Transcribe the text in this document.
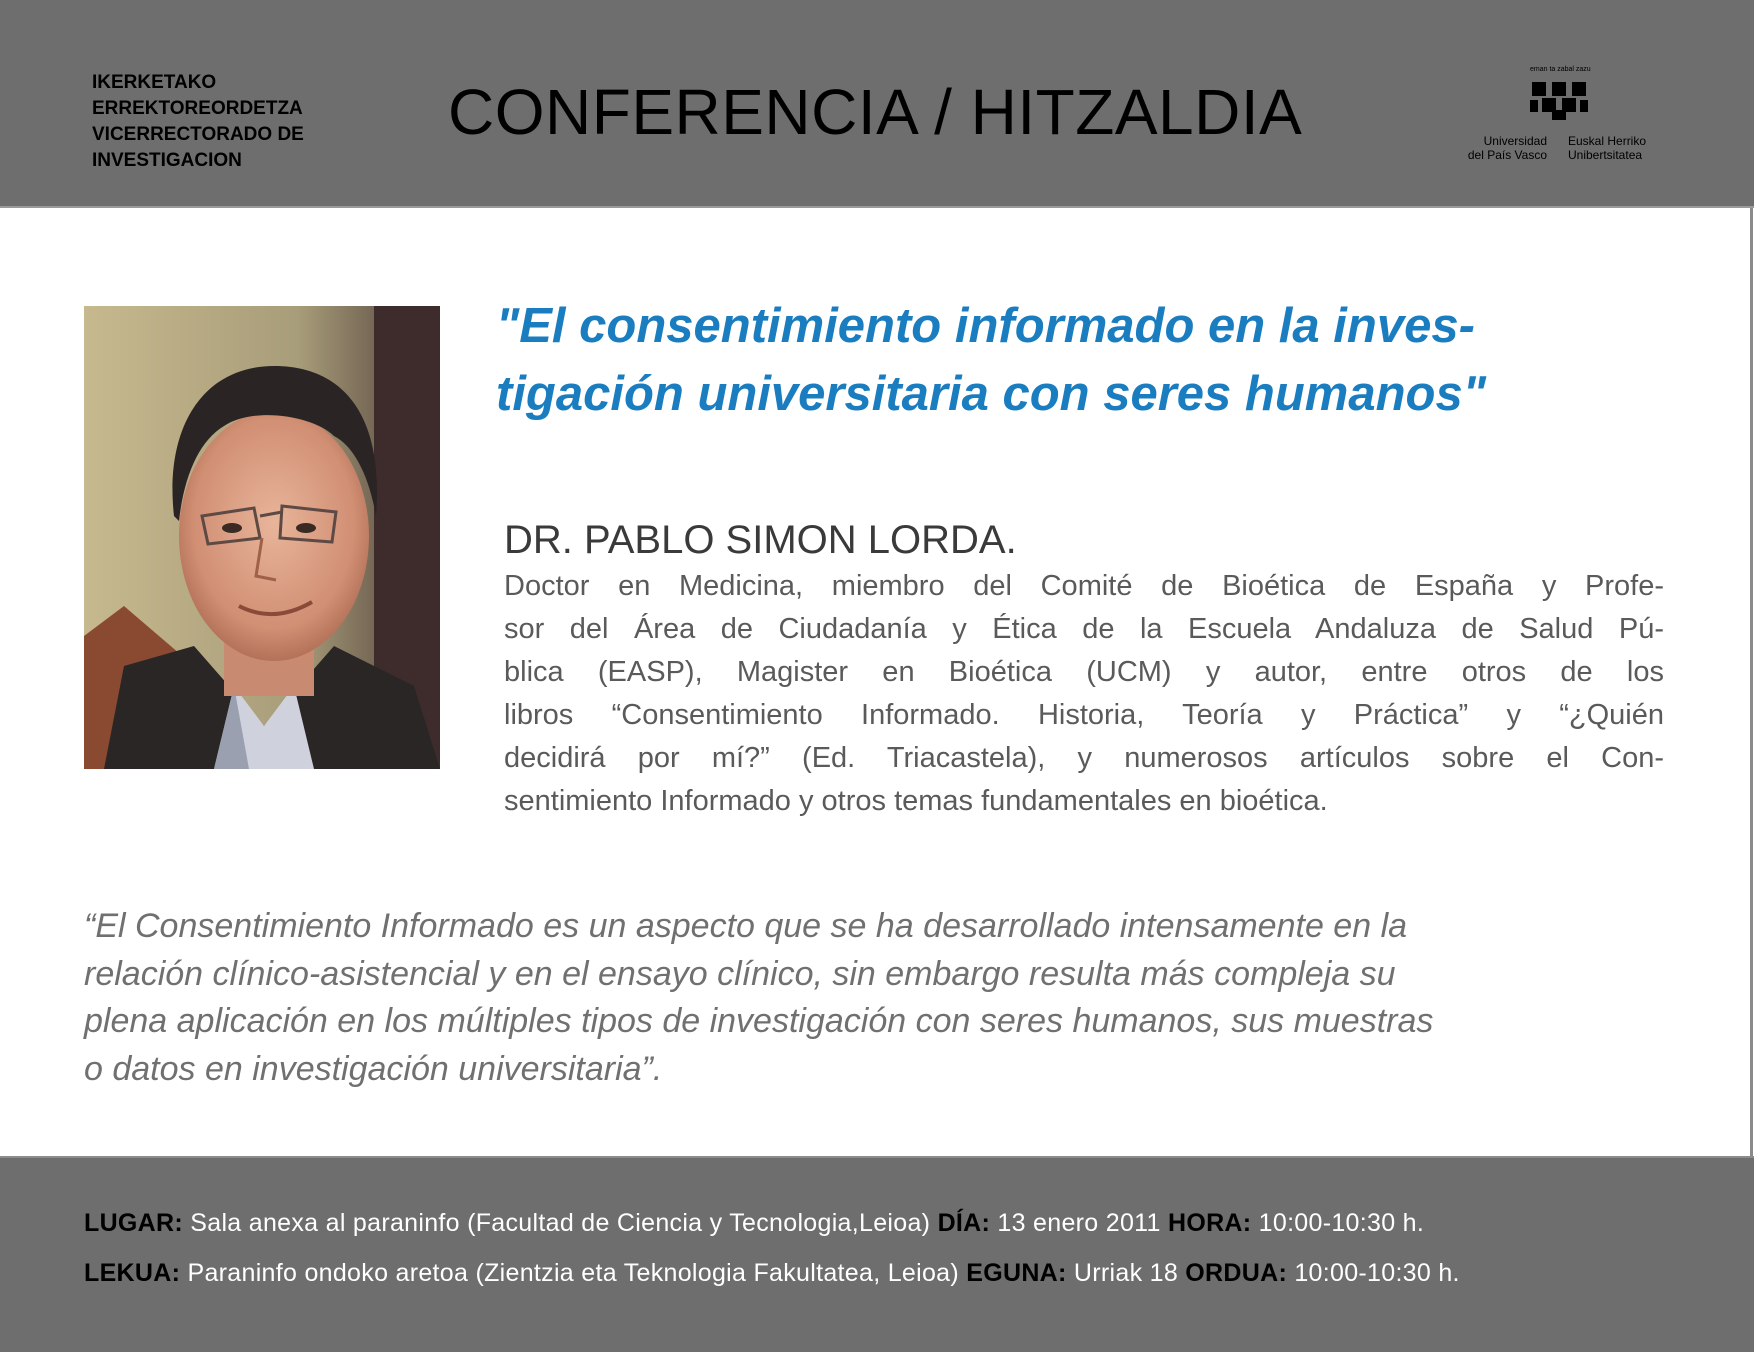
IKERKETAKO
ERREKTOREORDETZA
VICERRECTORADO DE
INVESTIGACION
CONFERENCIA / HITZALDIA
eman ta zabal zazu
Universidad
del País Vasco
Euskal Herriko
Unibertsitatea
"El consentimiento informado en la inves-
tigación universitaria con seres humanos"
DR. PABLO SIMON LORDA.
Doctor en Medicina, miembro del Comité de Bioética de España y Profe-
sor del Área de Ciudadanía y Ética de la Escuela Andaluza de Salud Pú-
blica (EASP), Magister en Bioética (UCM) y autor, entre otros de los
libros “Consentimiento Informado. Historia, Teoría y Práctica” y “¿Quién
decidirá por mí?” (Ed. Triacastela), y numerosos artículos sobre el Con-
sentimiento Informado y otros temas fundamentales en bioética.
“El Consentimiento Informado es un aspecto que se ha desarrollado intensamente en la
relación clínico-asistencial y en el ensayo clínico, sin embargo resulta más compleja su
plena aplicación en los múltiples tipos de investigación con seres humanos, sus muestras
o datos en investigación universitaria”.
LUGAR: Sala anexa al paraninfo (Facultad de Ciencia y Tecnologia,Leioa) DÍA: 13 enero 2011 HORA: 10:00-10:30 h.
LEKUA: Paraninfo ondoko aretoa (Zientzia eta Teknologia Fakultatea, Leioa) EGUNA: Urriak 18 ORDUA: 10:00-10:30 h.
